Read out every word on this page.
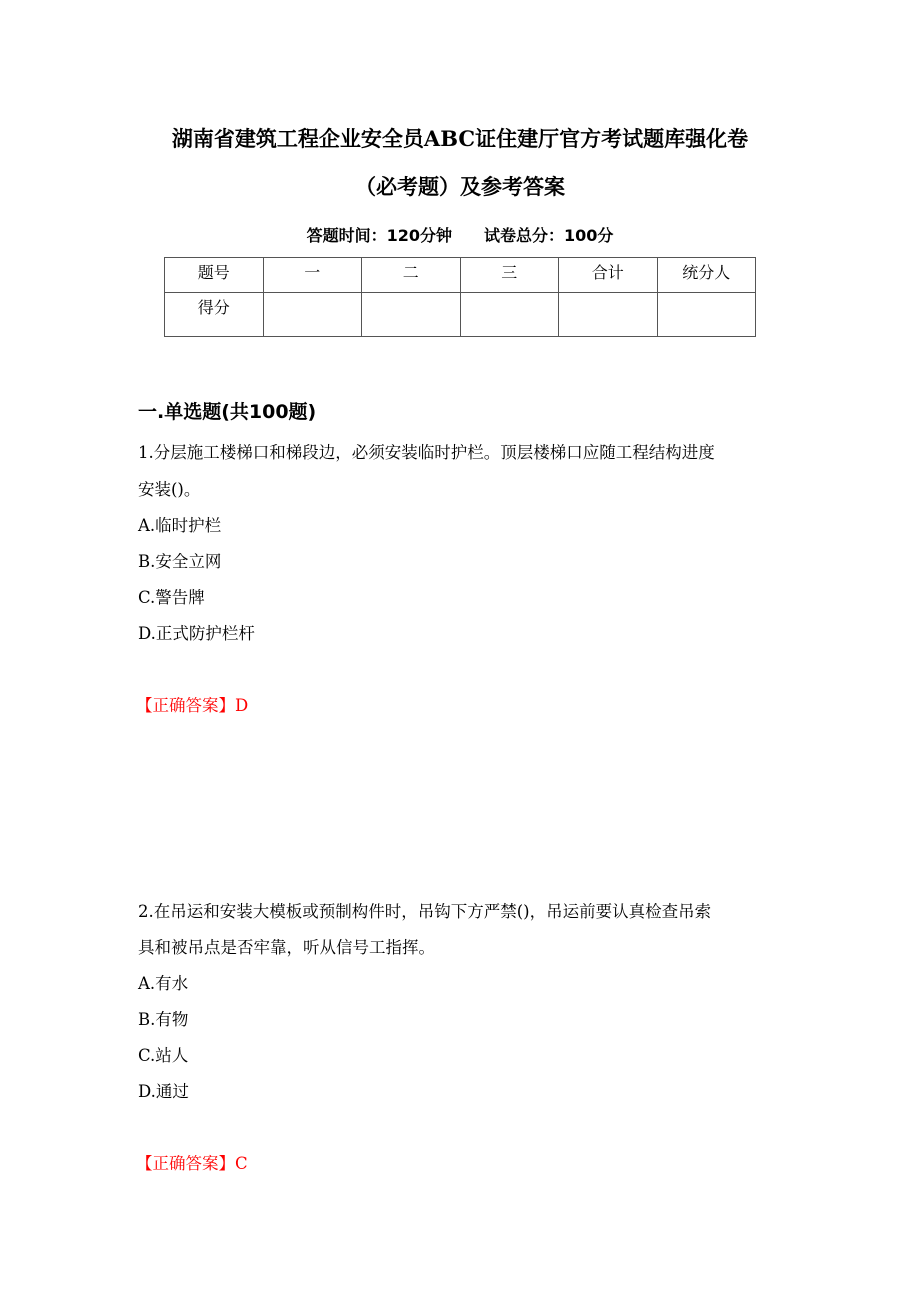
湖南省建筑工程企业安全员ABC证住建厅官方考试题库强化卷
（必考题）及参考答案
答题时间：120分钟　　试卷总分：100分
题号	一	二	三	合计	统分人
得分					
一.单选题(共100题)
1.分层施工楼梯口和梯段边，必须安装临时护栏。顶层楼梯口应随工程结构进度
安装()。
A.临时护栏
B.安全立网
C.警告牌
D.正式防护栏杆
【正确答案】D
2.在吊运和安装大模板或预制构件时，吊钩下方严禁()，吊运前要认真检查吊索
具和被吊点是否牢靠，听从信号工指挥。
A.有水
B.有物
C.站人
D.通过
【正确答案】C
